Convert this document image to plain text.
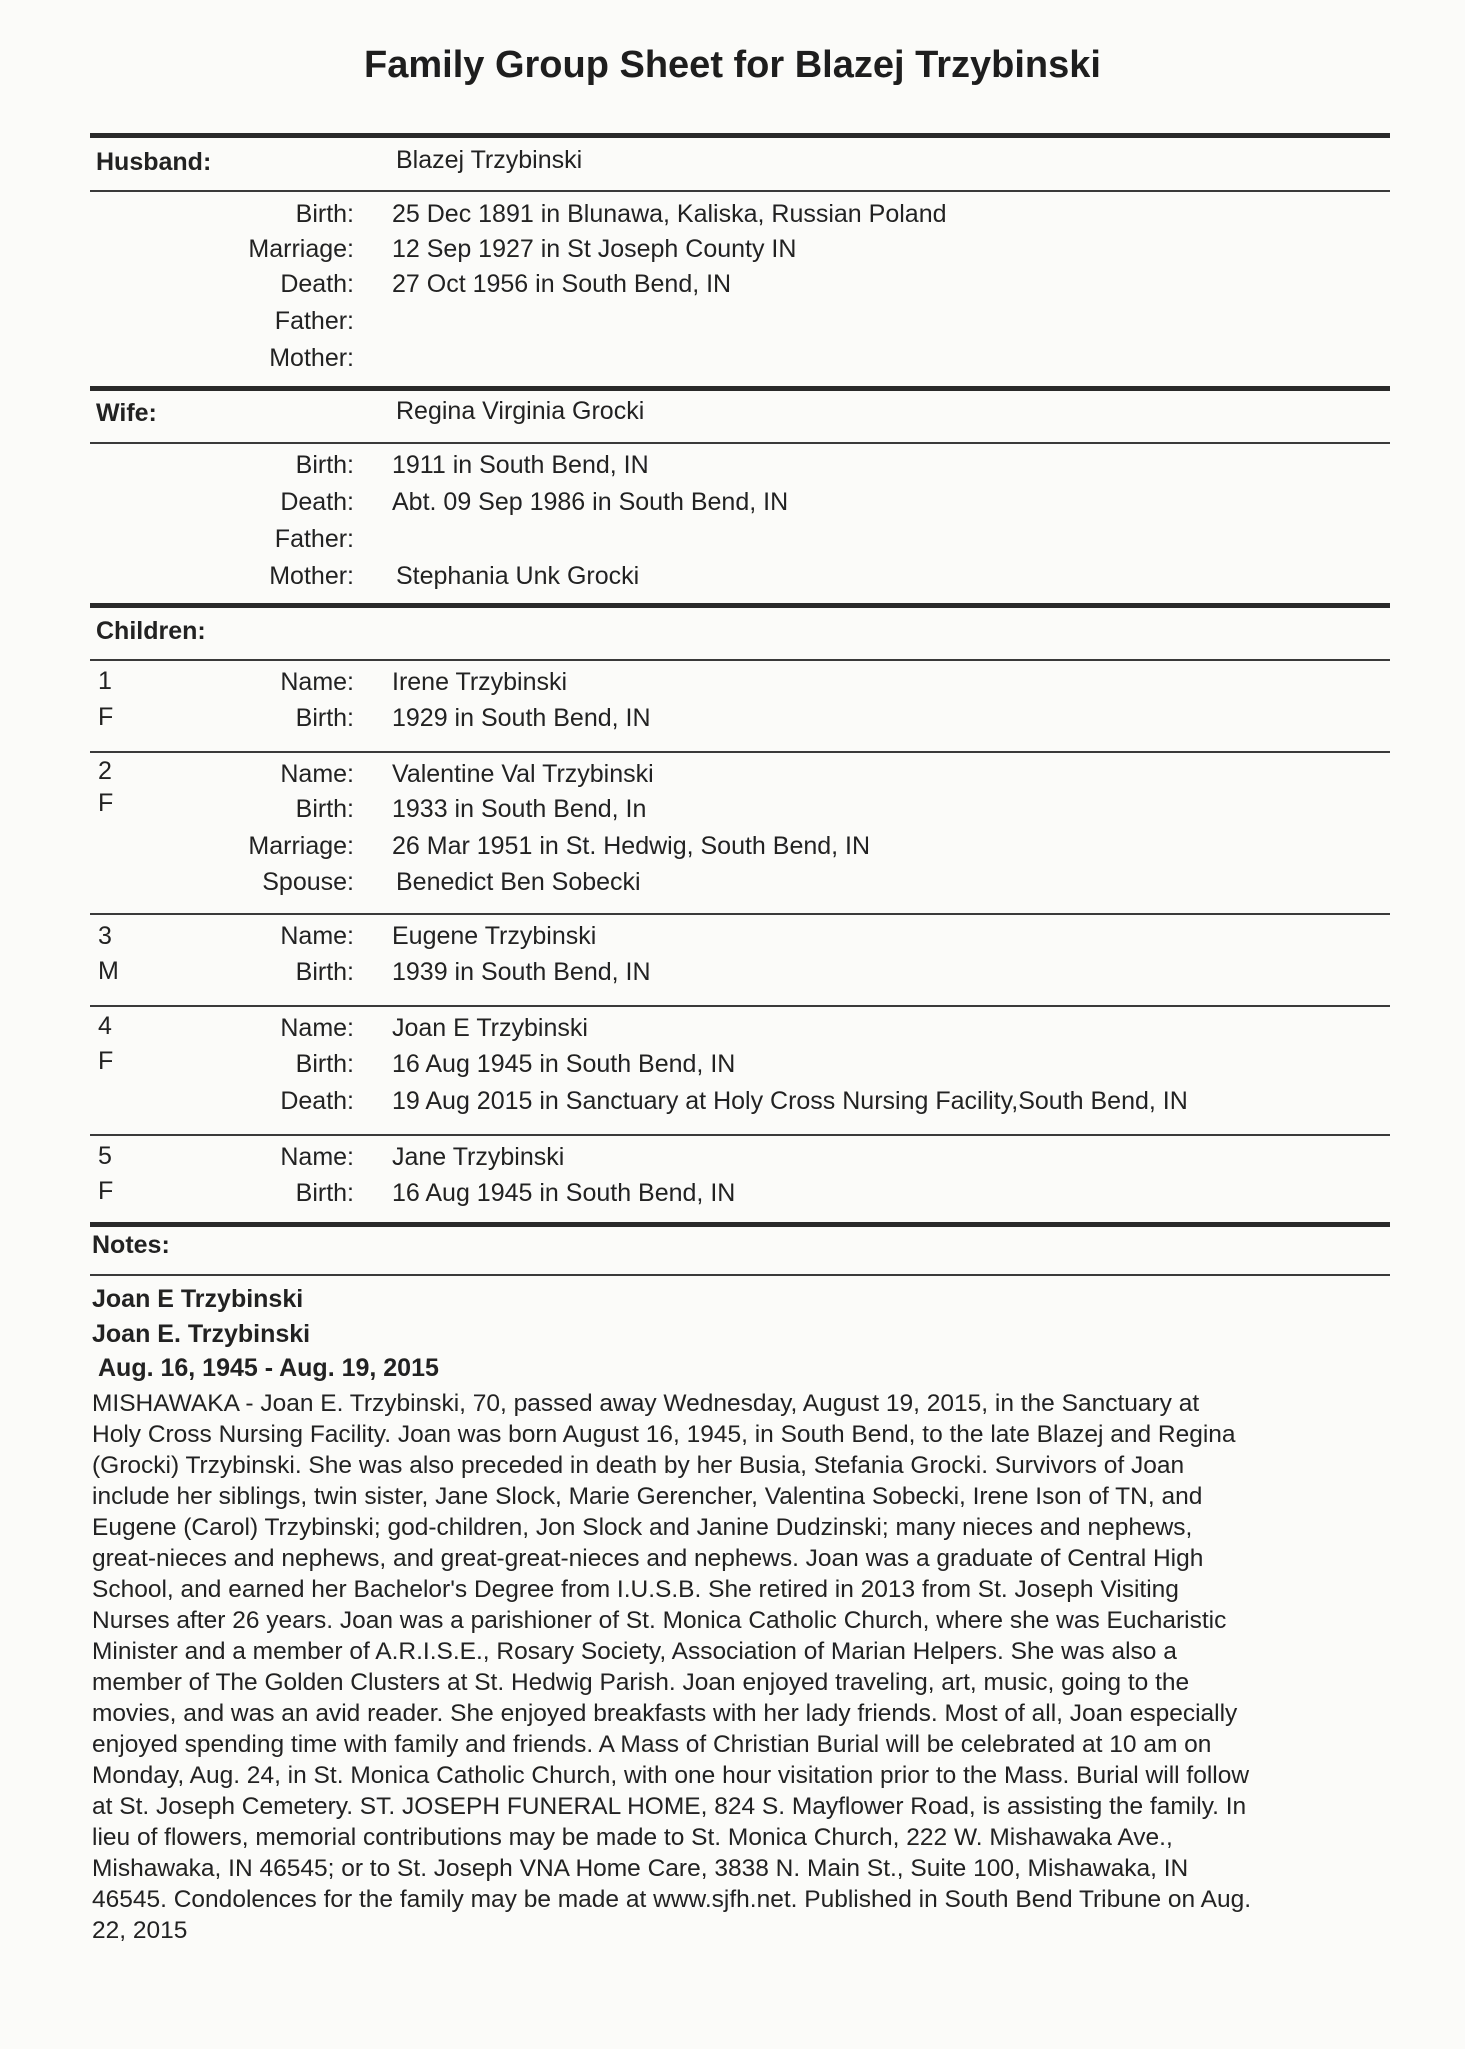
Family Group Sheet for Blazej Trzybinski
Husband:	Blazej Trzybinski
Birth: 25 Dec 1891 in Blunawa, Kaliska, Russian Poland
Marriage: 12 Sep 1927 in St Joseph County IN
Death: 27 Oct 1956 in South Bend, IN
Father:
Mother:
Wife:	Regina Virginia Grocki
Birth: 1911 in South Bend, IN
Death: Abt. 09 Sep 1986 in South Bend, IN
Father:
Mother: Stephania Unk Grocki
Children:
1
F
Name: Irene Trzybinski
Birth: 1929 in South Bend, IN
2
F
Name: Valentine Val Trzybinski
Birth: 1933 in South Bend, In
Marriage: 26 Mar 1951 in St. Hedwig, South Bend, IN
Spouse: Benedict Ben Sobecki
3
M
Name: Eugene Trzybinski
Birth: 1939 in South Bend, IN
4
F
Name: Joan E Trzybinski
Birth: 16 Aug 1945 in South Bend, IN
Death: 19 Aug 2015 in Sanctuary at Holy Cross Nursing Facility,South Bend, IN
5
F
Name: Jane Trzybinski
Birth: 16 Aug 1945 in South Bend, IN
Notes:
Joan E Trzybinski
Joan E. Trzybinski
Aug. 16, 1945 - Aug. 19, 2015
MISHAWAKA - Joan E. Trzybinski, 70, passed away Wednesday, August 19, 2015, in the Sanctuary at
Holy Cross Nursing Facility. Joan was born August 16, 1945, in South Bend, to the late Blazej and Regina
(Grocki) Trzybinski. She was also preceded in death by her Busia, Stefania Grocki. Survivors of Joan
include her siblings, twin sister, Jane Slock, Marie Gerencher, Valentina Sobecki, Irene Ison of TN, and
Eugene (Carol) Trzybinski; god-children, Jon Slock and Janine Dudzinski; many nieces and nephews,
great-nieces and nephews, and great-great-nieces and nephews. Joan was a graduate of Central High
School, and earned her Bachelor's Degree from I.U.S.B. She retired in 2013 from St. Joseph Visiting
Nurses after 26 years. Joan was a parishioner of St. Monica Catholic Church, where she was Eucharistic
Minister and a member of A.R.I.S.E., Rosary Society, Association of Marian Helpers. She was also a
member of The Golden Clusters at St. Hedwig Parish. Joan enjoyed traveling, art, music, going to the
movies, and was an avid reader. She enjoyed breakfasts with her lady friends. Most of all, Joan especially
enjoyed spending time with family and friends. A Mass of Christian Burial will be celebrated at 10 am on
Monday, Aug. 24, in St. Monica Catholic Church, with one hour visitation prior to the Mass. Burial will follow
at St. Joseph Cemetery. ST. JOSEPH FUNERAL HOME, 824 S. Mayflower Road, is assisting the family. In
lieu of flowers, memorial contributions may be made to St. Monica Church, 222 W. Mishawaka Ave.,
Mishawaka, IN 46545; or to St. Joseph VNA Home Care, 3838 N. Main St., Suite 100, Mishawaka, IN
46545. Condolences for the family may be made at www.sjfh.net. Published in South Bend Tribune on Aug.
22, 2015
